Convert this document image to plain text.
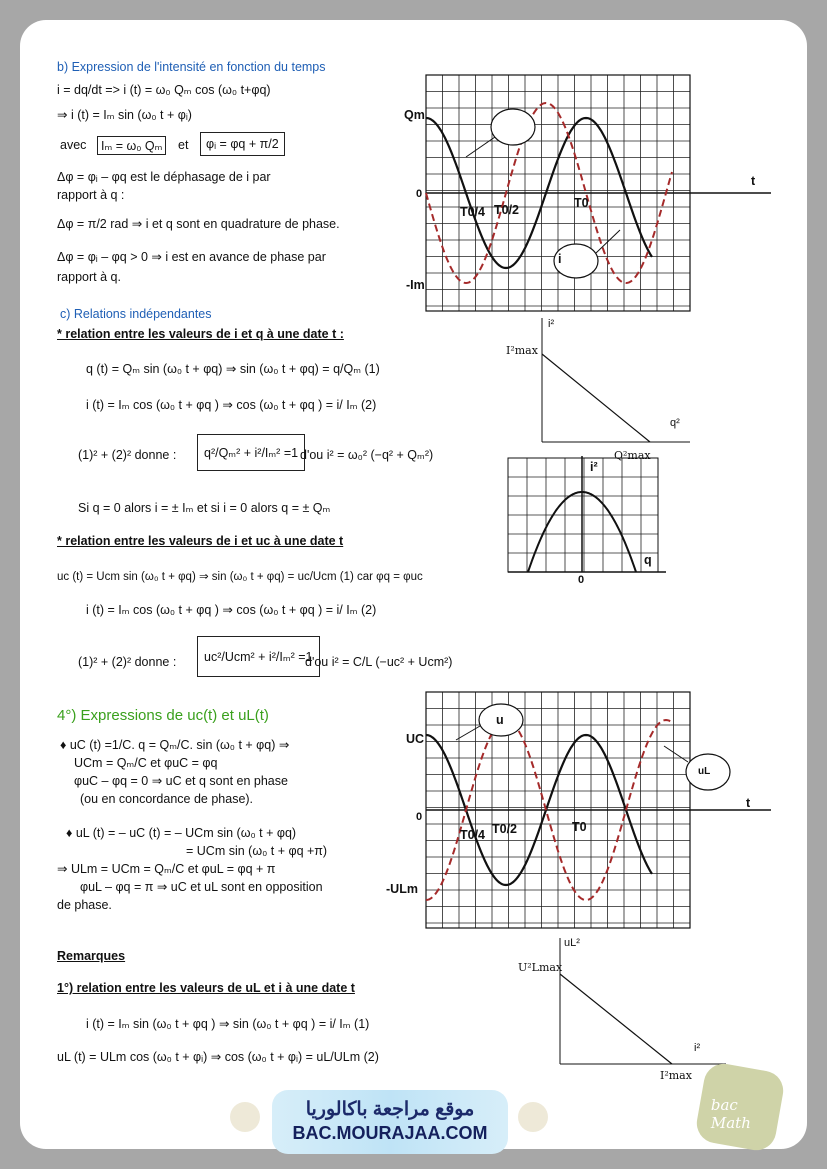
b) Expression de l'intensité en fonction du temps
i = dq/dt => i (t) = ω₀ Qₘ cos (ω₀ t+φq)
⇒ i (t) = Iₘ sin (ω₀ t + φᵢ)
avec	Iₘ = ω₀ Qₘ	et	φᵢ = φq + π/2
Δφ = φᵢ – φq est le déphasage de i par
rapport à q :
Δφ = π/2 rad ⇒ i et q sont en quadrature de phase.
Δφ = φᵢ – φq > 0 ⇒ i est en avance de phase par
rapport à q.
c) Relations indépendantes
* relation entre les valeurs de i et q à une date t :
q (t) = Qₘ sin (ω₀ t + φq) ⇒ sin (ω₀ t + φq) = q/Qₘ (1)
i (t) = Iₘ cos (ω₀ t + φq ) ⇒ cos (ω₀ t + φq ) = i/ Iₘ (2)
(1)² + (2)² donne :	q²/Qₘ² + i²/Iₘ² =1 d'ou i² = ω₀² (−q² + Qₘ²)
Si q = 0 alors i = ± Iₘ et si i = 0 alors q = ± Qₘ
* relation entre les valeurs de i et uc à une date t
uc (t) = Ucm sin (ω₀ t + φq) ⇒ sin (ω₀ t + φq) = uc/Ucm (1) car φq = φuc
i (t) = Iₘ cos (ω₀ t + φq ) ⇒ cos (ω₀ t + φq ) = i/ Iₘ (2)
(1)² + (2)² donne :	uc²/Ucm² + i²/Iₘ² =1
d'ou i² = C/L (−uc² + Ucm²)
4°) Expressions de uc(t) et uL(t)
♦ uC (t) =1/C. q = Qₘ/C. sin (ω₀ t + φq) ⇒
UCm = Qₘ/C et φuC = φq
φuC – φq = 0 ⇒ uC et q sont en phase
(ou en concordance de phase).
♦ uL (t) = – uC (t) = – UCm sin (ω₀ t + φq)
= UCm sin (ω₀ t + φq +π)
⇒ ULm = UCm = Qₘ/C et φuL = φq + π
φuL – φq = π ⇒ uC et uL sont en opposition
de phase.
Remarques
1°) relation entre les valeurs de uL et i à une date t
i (t) = Iₘ sin (ω₀ t + φq ) ⇒ sin (ω₀ t + φq ) = i/ Iₘ (1)
uL (t) = ULm cos (ω₀ t + φᵢ) ⇒ cos (ω₀ t + φᵢ) = uL/ULm (2)
Qm
0
-Im
t
T0/4 T0/2	T0
i
i²
I²max
q²
Q²max
i²
q
0
UC
0
-ULm
t
T0/4 T0/2	T0
u
uL
uL²
U²Lmax
i²
I²max
موقع مراجعة باكالوريا
BAC.MOURAJAA.COM
bac Math
